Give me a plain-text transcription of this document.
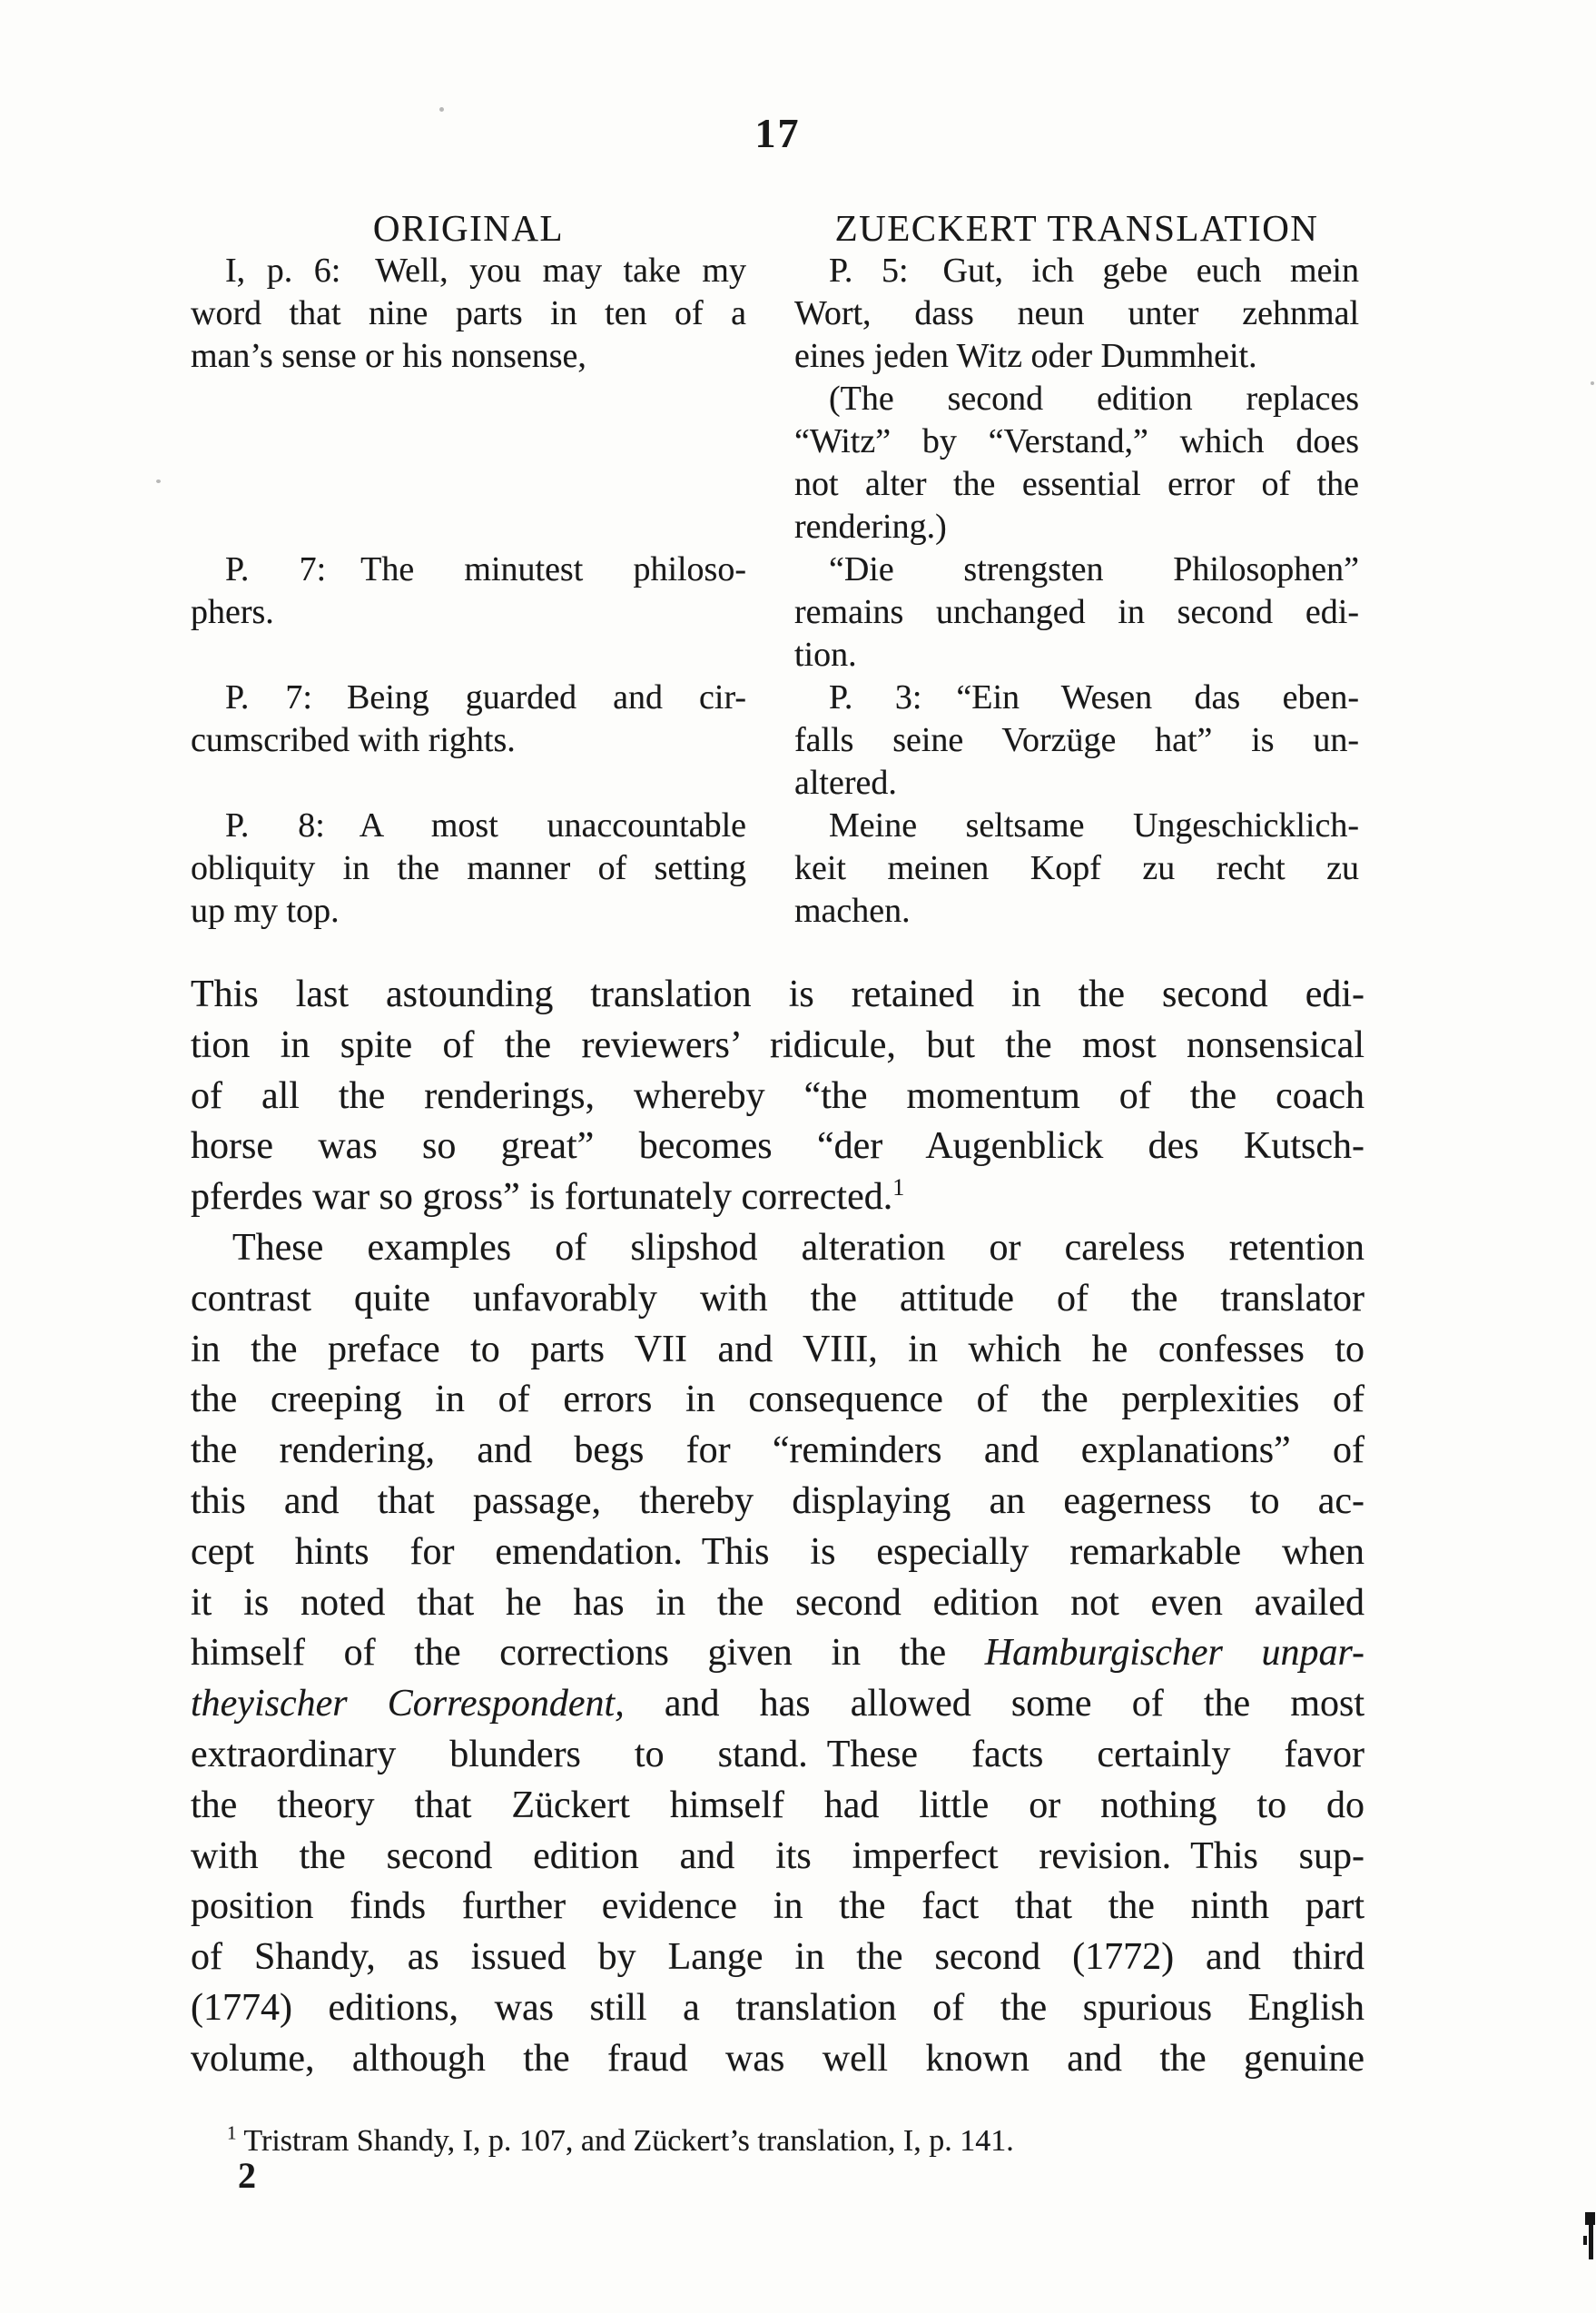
17
ORIGINAL	ZUECKERT TRANSLATION
I, p. 6: Well, you may take my
word that nine parts in ten of a
man’s sense or his nonsense,
P. 5: Gut, ich gebe euch mein
Wort, dass neun unter zehnmal
eines jeden Witz oder Dummheit.
(The second edition replaces
“Witz” by “Verstand,” which does
not alter the essential error of the
rendering.)
P. 7: The minutest philoso-
phers.
“Die strengsten Philosophen”
remains unchanged in second edi-
tion.
P. 7: Being guarded and cir-
cumscribed with rights.
P. 3: “Ein Wesen das eben-
falls seine Vorzüge hat” is un-
altered.
P. 8: A most unaccountable
obliquity in the manner of setting
up my top.
Meine seltsame Ungeschicklich-
keit meinen Kopf zu recht zu
machen.
This last astounding translation is retained in the second edi-
tion in spite of the reviewers’ ridicule, but the most nonsensical
of all the renderings, whereby “the momentum of the coach
horse was so great” becomes “der Augenblick des Kutsch-
pferdes war so gross” is fortunately corrected.$^1$
These examples of slipshod alteration or careless retention
contrast quite unfavorably with the attitude of the translator
in the preface to parts VII and VIII, in which he confesses to
the creeping in of errors in consequence of the perplexities of
the rendering, and begs for “reminders and explanations” of
this and that passage, thereby displaying an eagerness to ac-
cept hints for emendation. This is especially remarkable when
it is noted that he has in the second edition not even availed
himself of the corrections given in the Hamburgischer unpar-
theyischer Correspondent, and has allowed some of the most
extraordinary blunders to stand. These facts certainly favor
the theory that Zückert himself had little or nothing to do
with the second edition and its imperfect revision. This sup-
position finds further evidence in the fact that the ninth part
of Shandy, as issued by Lange in the second (1772) and third
(1774) editions, was still a translation of the spurious English
volume, although the fraud was well known and the genuine
$^1$ Tristram Shandy, I, p. 107, and Zückert’s translation, I, p. 141.
2
